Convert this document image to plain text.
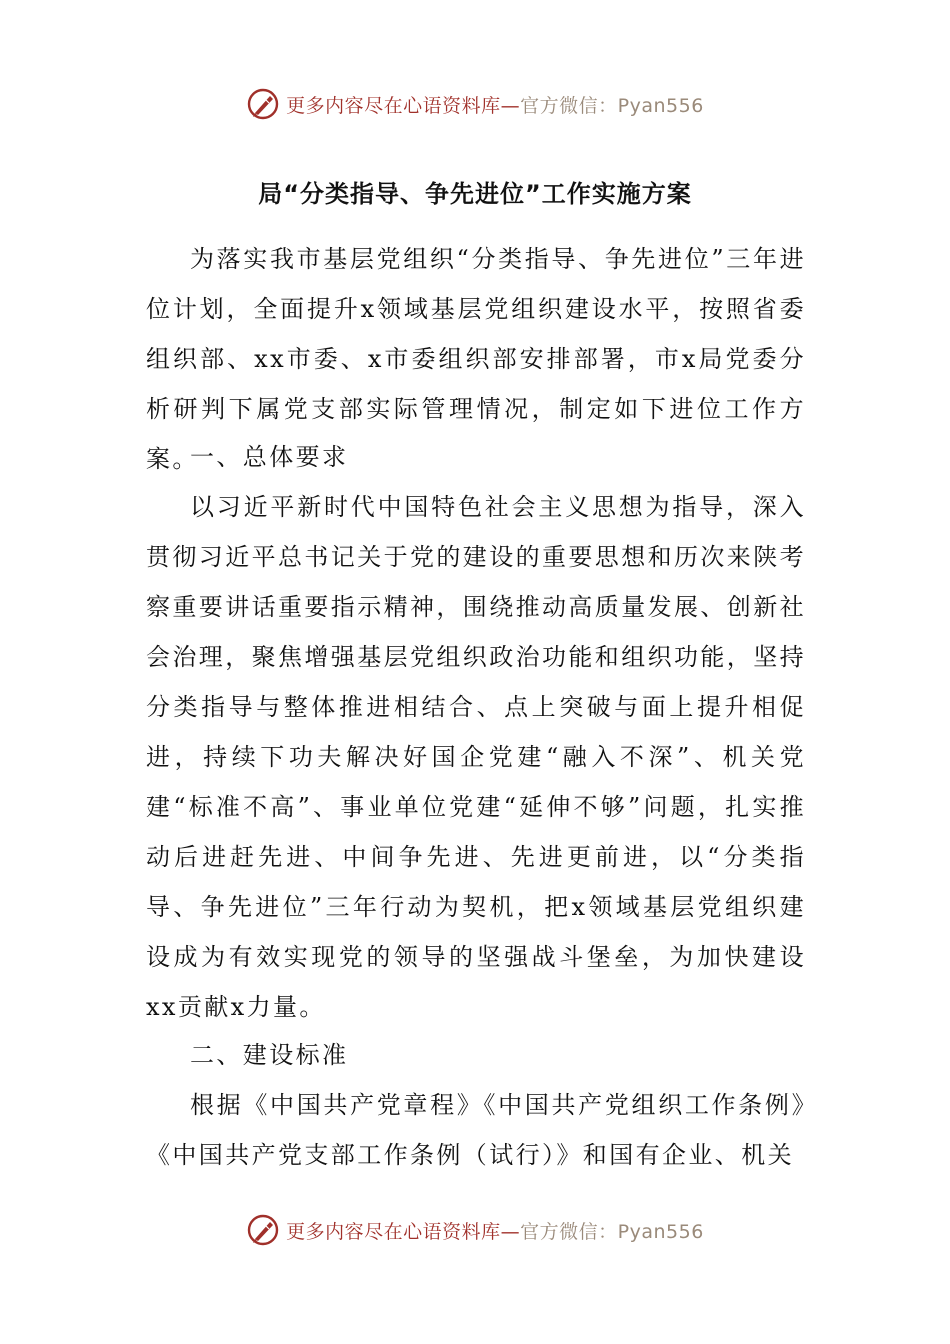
更多内容尽在心语资料库—官方微信：Pyan556
局“分类指导、争先进位”工作实施方案

为落实我市基层党组织“分类指导、争先进位”三年进位计划，全面提升x领域基层党组织建设水平，按照省委组织部、xx市委、x市委组织部安排部署，市x局党委分析研判下属党支部实际管理情况，制定如下进位工作方案。

一、总体要求

以习近平新时代中国特色社会主义思想为指导，深入贯彻习近平总书记关于党的建设的重要思想和历次来陕考察重要讲话重要指示精神，围绕推动高质量发展、创新社会治理，聚焦增强基层党组织政治功能和组织功能，坚持分类指导与整体推进相结合、点上突破与面上提升相促进，持续下功夫解决好国企党建“融入不深”、机关党建“标准不高”、事业单位党建“延伸不够”问题，扎实推动后进赶先进、中间争先进、先进更前进，以“分类指导、争先进位”三年行动为契机，把x领域基层党组织建设成为有效实现党的领导的坚强战斗堡垒，为加快建设xx贡献x力量。

二、建设标准

根据《中国共产党章程》《中国共产党组织工作条例》《中国共产党支部工作条例（试行）》和国有企业、机关

更多内容尽在心语资料库—官方微信：Pyan556
